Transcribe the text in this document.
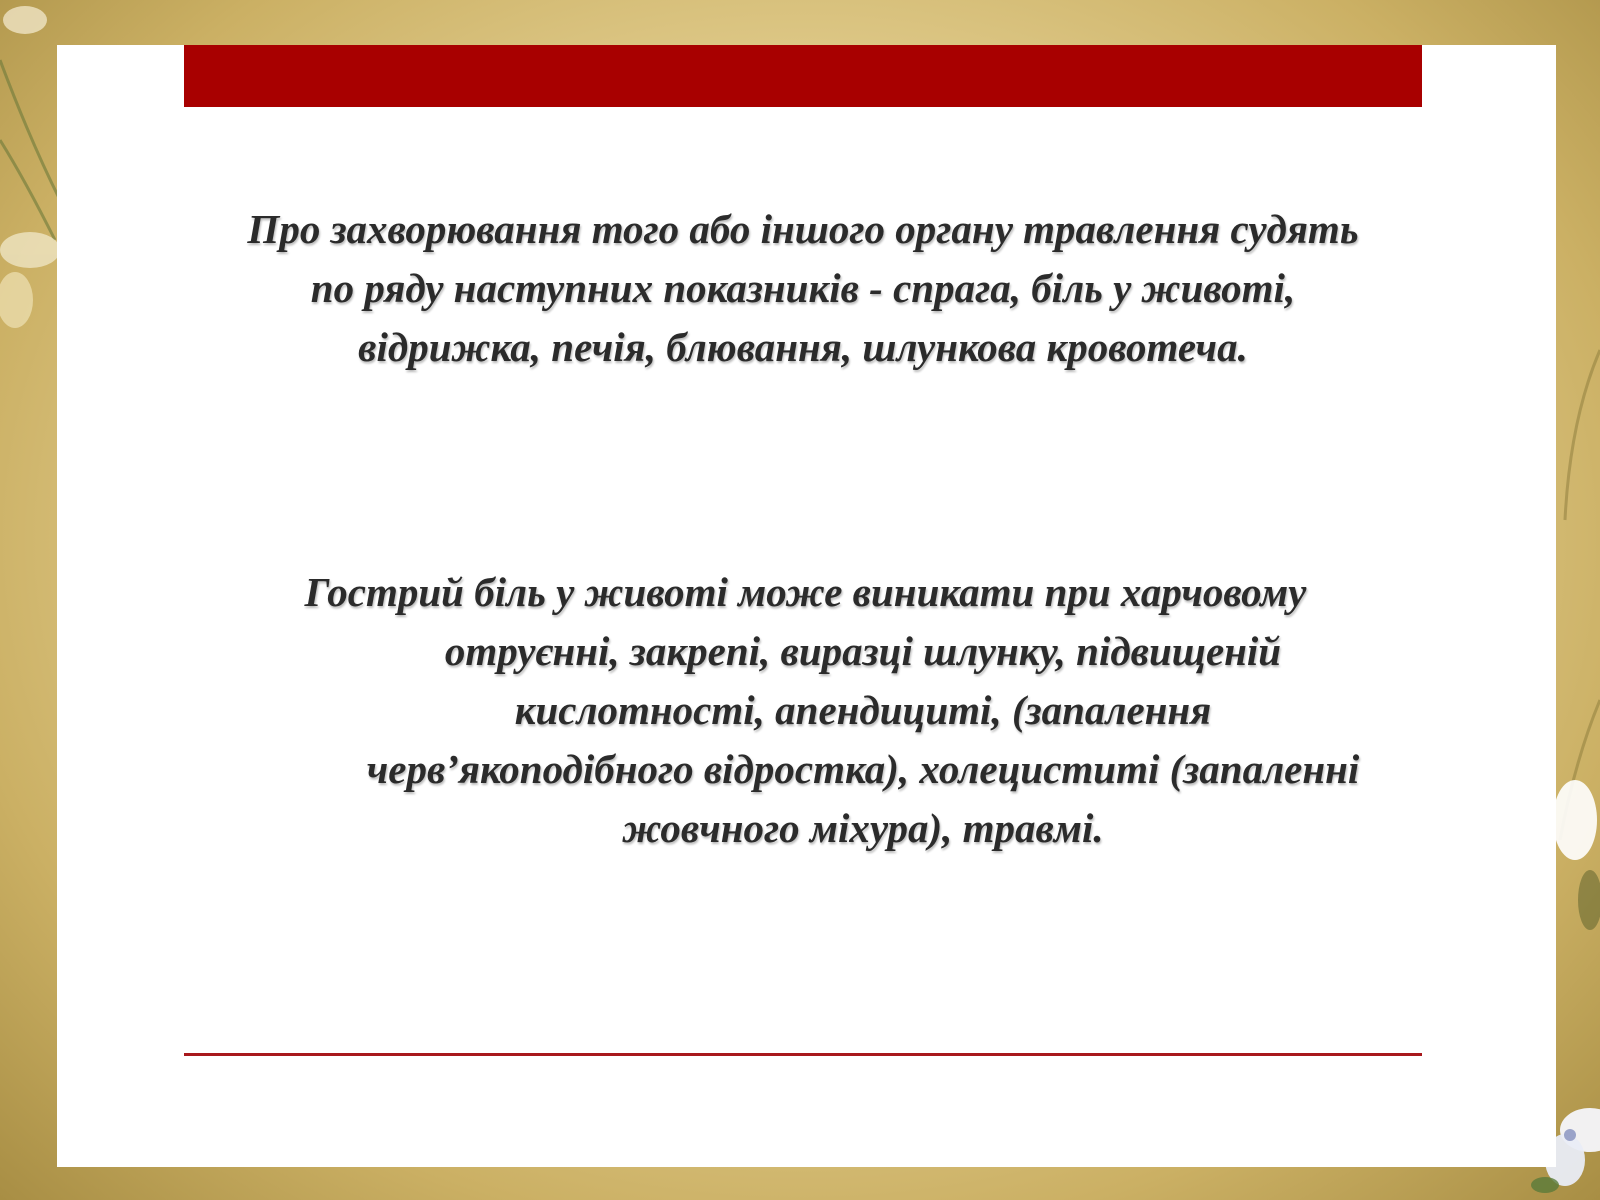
Про захворювання того або іншого органу травлення судять по ряду наступних показників - спрага, біль у животі, відрижка, печія, блювання, шлункова кровотеча.

Гострий біль у животі може виникати при харчовому отруєнні, закрепі, виразці шлунку, підвищеній кислотності, апендициті, (запалення черв’якоподібного відростка), холециститі (запаленні жовчного міхура), травмі.
